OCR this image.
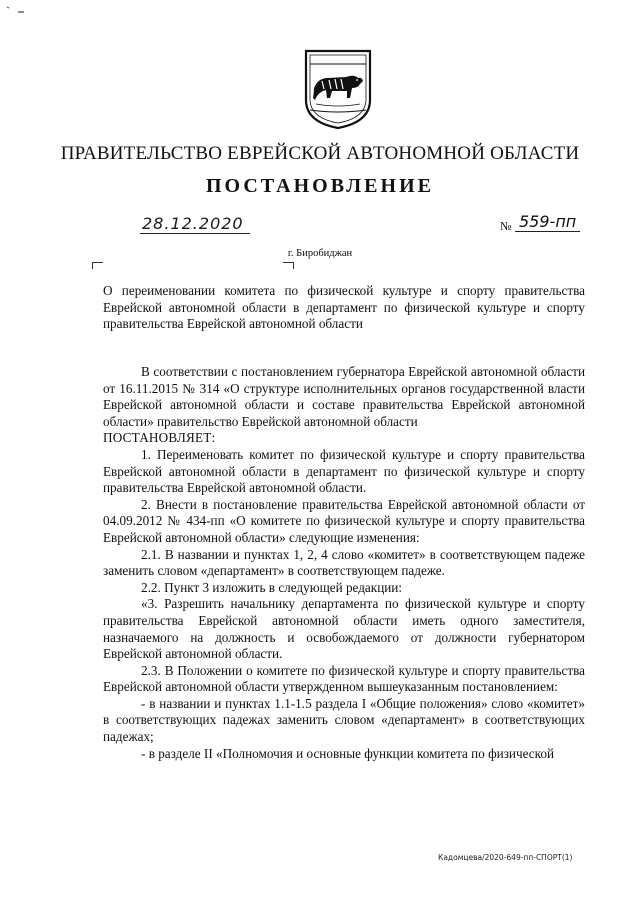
ПРАВИТЕЛЬСТВО ЕВРЕЙСКОЙ АВТОНОМНОЙ ОБЛАСТИ
ПОСТАНОВЛЕНИЕ
28.12.2020	№ 559-пп
г. Биробиджан
О переименовании комитета по физической культуре и спорту правительства Еврейской автономной области в департамент по физической культуре и спорту правительства Еврейской автономной области

В соответствии с постановлением губернатора Еврейской автономной области от 16.11.2015 № 314 «О структуре исполнительных органов государственной власти Еврейской автономной области и составе правительства Еврейской автономной области» правительство Еврейской автономной области

ПОСТАНОВЛЯЕТ:

1. Переименовать комитет по физической культуре и спорту правительства Еврейской автономной области в департамент по физической культуре и спорту правительства Еврейской автономной области.

2. Внести в постановление правительства Еврейской автономной области от 04.09.2012 № 434-пп «О комитете по физической культуре и спорту правительства Еврейской автономной области» следующие изменения:

2.1. В названии и пунктах 1, 2, 4 слово «комитет» в соответствующем падеже заменить словом «департамент» в соответствующем падеже.

2.2. Пункт 3 изложить в следующей редакции:

«3. Разрешить начальнику департамента по физической культуре и спорту правительства Еврейской автономной области иметь одного заместителя, назначаемого на должность и освобождаемого от должности губернатором Еврейской автономной области.

2.3. В Положении о комитете по физической культуре и спорту правительства Еврейской автономной области утвержденном вышеуказанным постановлением:

- в названии и пунктах 1.1-1.5 раздела I «Общие положения» слово «комитет» в соответствующих падежах заменить словом «департамент» в соответствующих падежах;

- в разделе II «Полномочия и основные функции комитета по физической

Кадомцева/2020-649-пп-СПОРТ(1)
